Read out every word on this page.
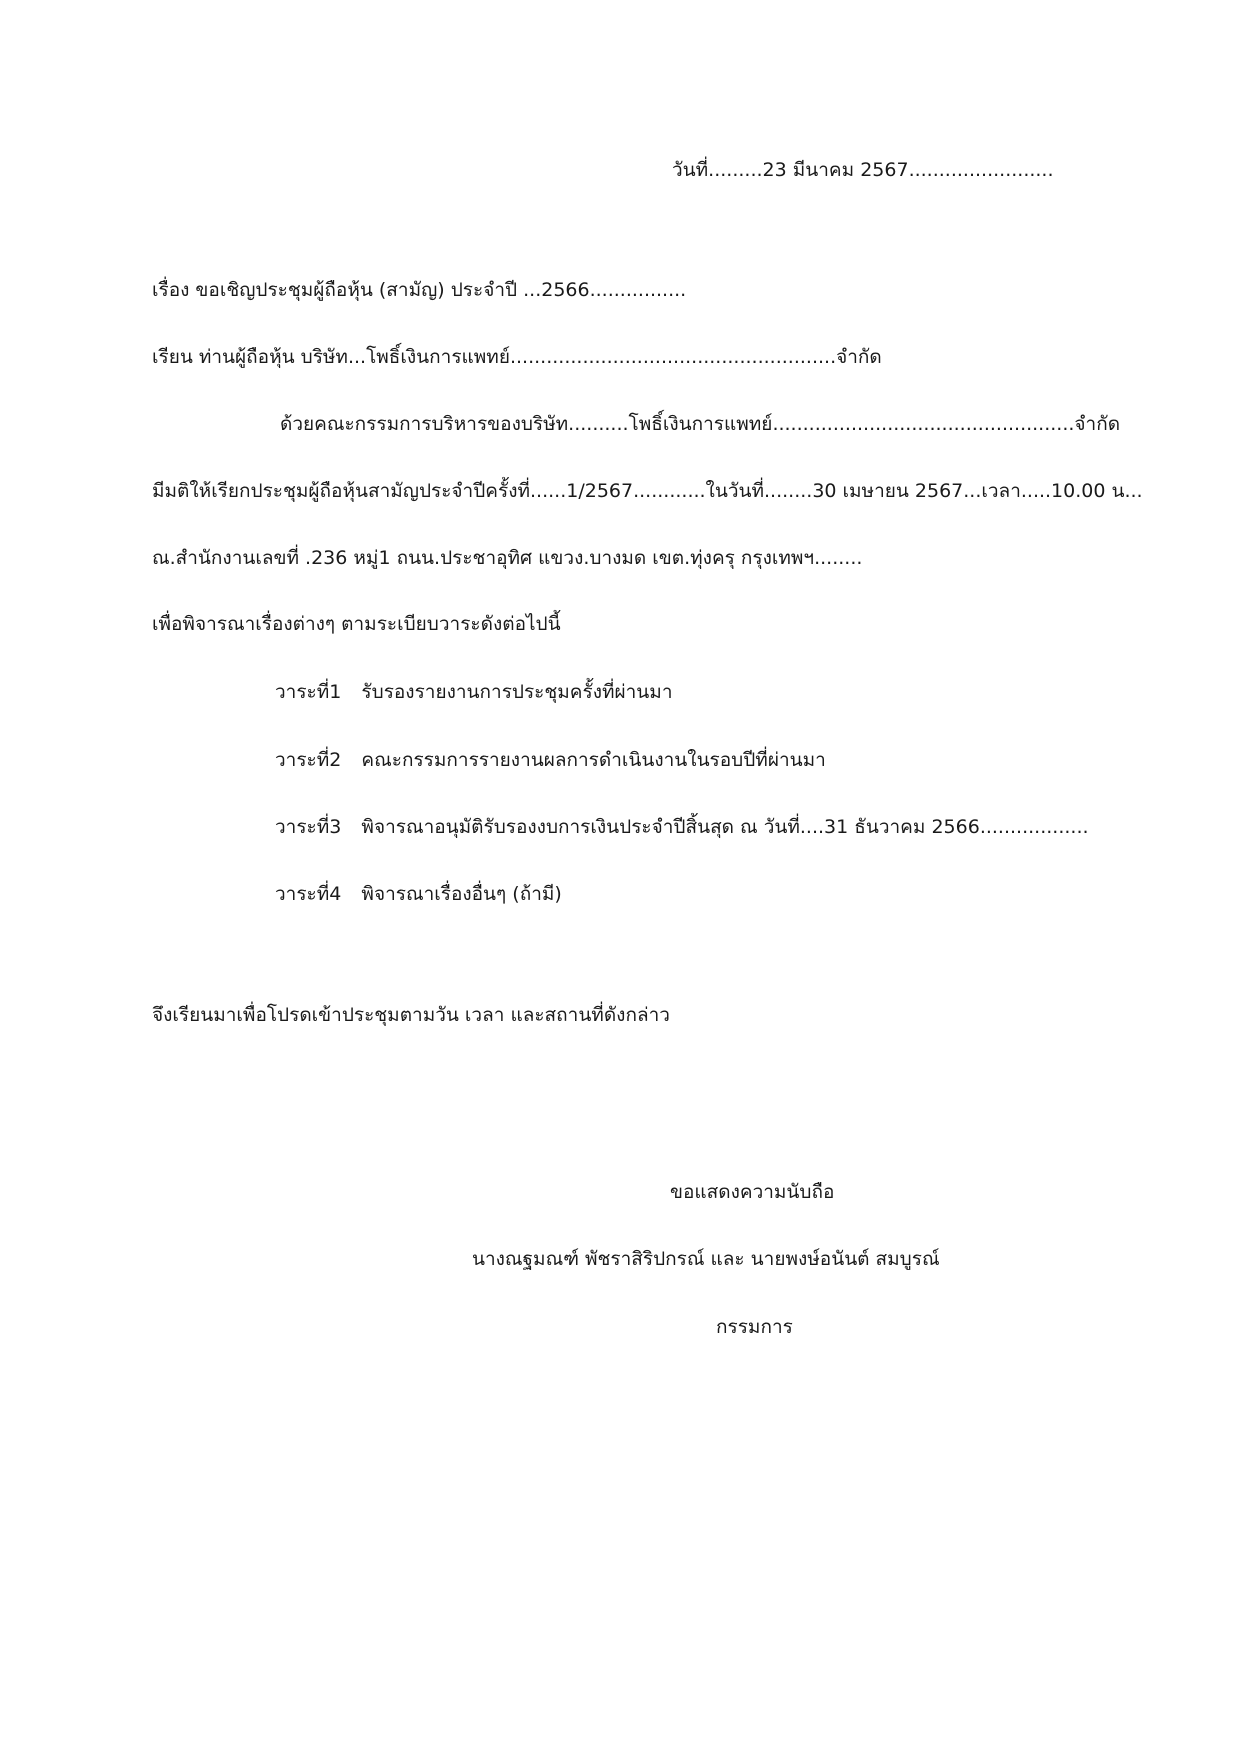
วันที่.........23 มีนาคม 2567........................
เรื่อง ขอเชิญประชุมผู้ถือหุ้น (สามัญ) ประจำปี ...2566................
เรียน ท่านผู้ถือหุ้น บริษัท...โพธิ์เงินการแพทย์......................................................จำกัด
ด้วยคณะกรรมการบริหารของบริษัท..........โพธิ์เงินการแพทย์..................................................จำกัด
มีมติให้เรียกประชุมผู้ถือหุ้นสามัญประจำปีครั้งที่......1/2567............ในวันที่........30 เมษายน 2567...เวลา.....10.00 น...
ณ.สำนักงานเลขที่ .236 หมู่1 ถนน.ประชาอุทิศ แขวง.บางมด เขต.ทุ่งครุ กรุงเทพฯ........
เพื่อพิจารณาเรื่องต่างๆ ตามระเบียบวาระดังต่อไปนี้
วาระที่1 รับรองรายงานการประชุมครั้งที่ผ่านมา
วาระที่2 คณะกรรมการรายงานผลการดำเนินงานในรอบปีที่ผ่านมา
วาระที่3 พิจารณาอนุมัติรับรองงบการเงินประจำปีสิ้นสุด ณ วันที่....31 ธันวาคม 2566..................
วาระที่4 พิจารณาเรื่องอื่นๆ (ถ้ามี)
จึงเรียนมาเพื่อโปรดเข้าประชุมตามวัน เวลา และสถานที่ดังกล่าว
ขอแสดงความนับถือ
นางณฐมณฑ์ พัชราสิริปกรณ์ และ นายพงษ์อนันต์ สมบูรณ์
กรรมการ
